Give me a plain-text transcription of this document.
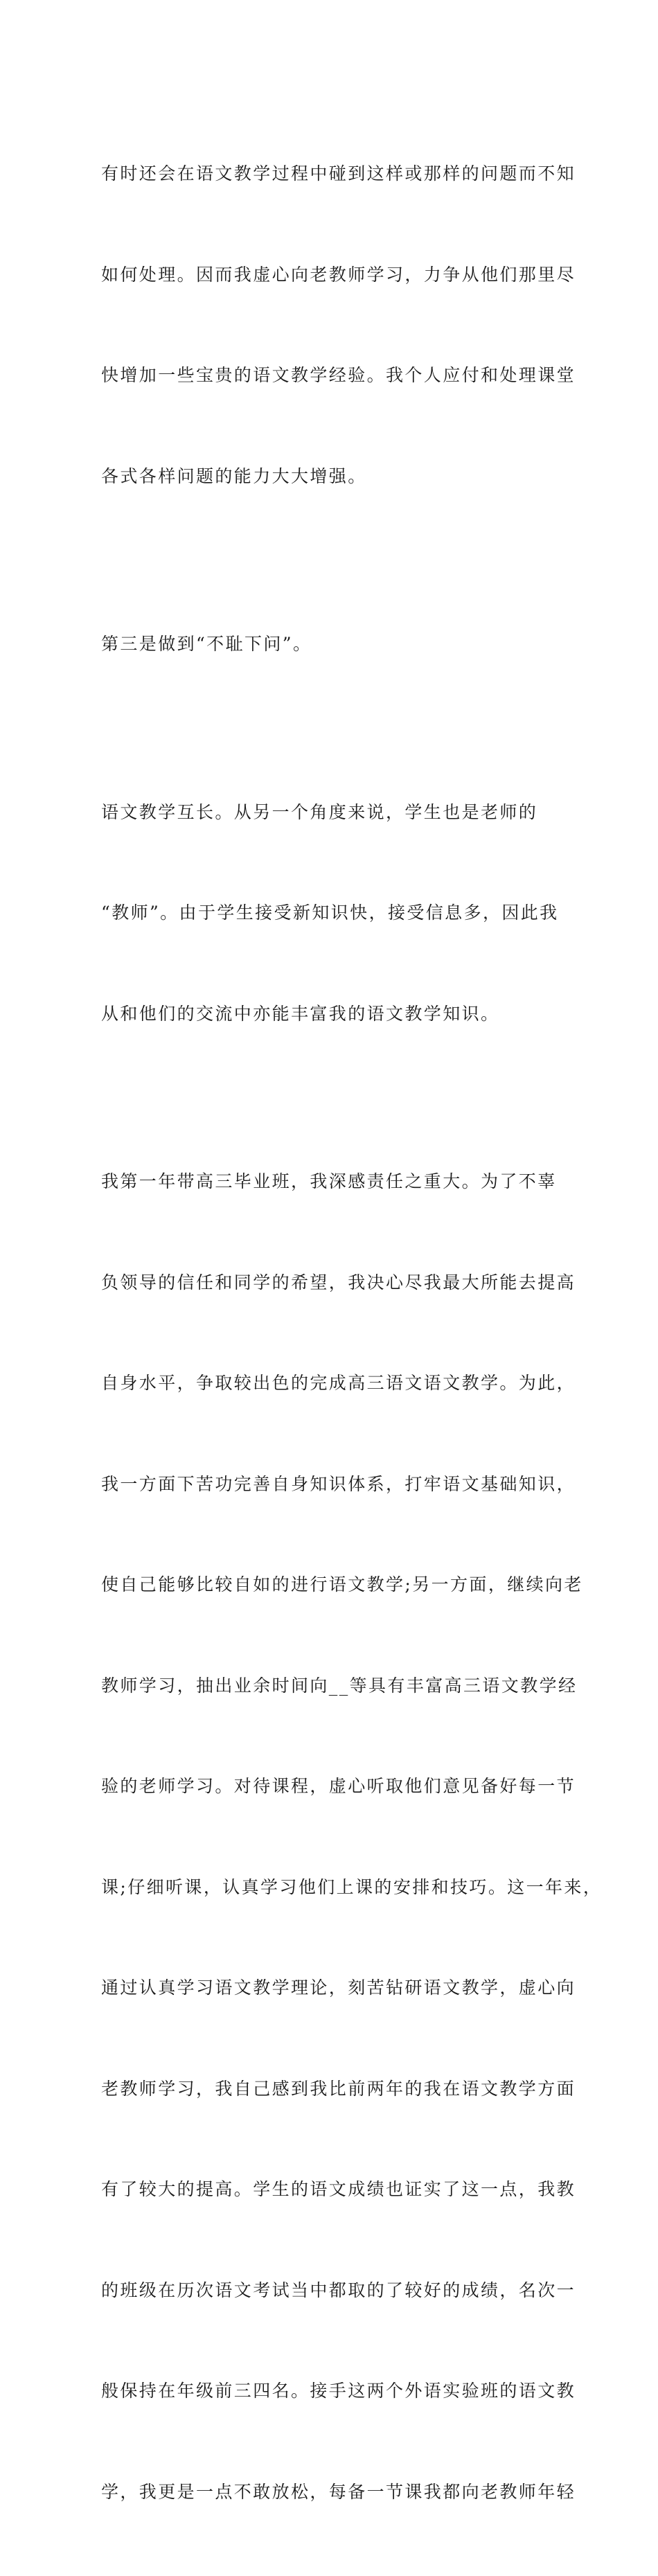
有时还会在语文教学过程中碰到这样或那样的问题而不知

如何处理。因而我虚心向老教师学习，力争从他们那里尽

快增加一些宝贵的语文教学经验。我个人应付和处理课堂

各式各样问题的能力大大增强。

第三是做到“不耻下问”。

语文教学互长。从另一个角度来说，学生也是老师的

“教师”。由于学生接受新知识快，接受信息多，因此我

从和他们的交流中亦能丰富我的语文教学知识。

我第一年带高三毕业班，我深感责任之重大。为了不辜

负领导的信任和同学的希望，我决心尽我最大所能去提高

自身水平，争取较出色的完成高三语文语文教学。为此，

我一方面下苦功完善自身知识体系，打牢语文基础知识，

使自己能够比较自如的进行语文教学;另一方面，继续向老

教师学习，抽出业余时间向__等具有丰富高三语文教学经

验的老师学习。对待课程，虚心听取他们意见备好每一节

课;仔细听课，认真学习他们上课的安排和技巧。这一年来，

通过认真学习语文教学理论，刻苦钻研语文教学，虚心向

老教师学习，我自己感到我比前两年的我在语文教学方面

有了较大的提高。学生的语文成绩也证实了这一点，我教

的班级在历次语文考试当中都取的了较好的成绩，名次一

般保持在年级前三四名。接手这两个外语实验班的语文教

学，我更是一点不敢放松，每备一节课我都向老教师年轻
